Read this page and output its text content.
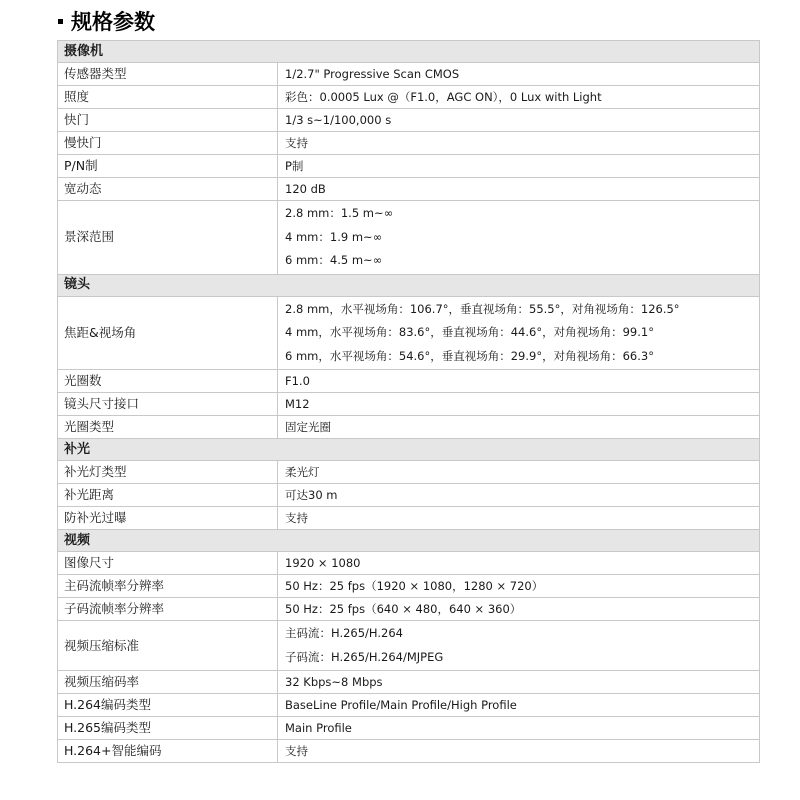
规格参数
摄像机	
传感器类型	1/2.7" Progressive Scan CMOS
照度	彩色：0.0005 Lux @（F1.0，AGC ON），0 Lux with Light
快门	1/3 s~1/100,000 s
慢快门	支持
P/N制	P制
宽动态	120 dB
景深范围	2.8 mm：1.5 m~∞
4 mm：1.9 m~∞
6 mm：4.5 m~∞

镜头	
焦距&视场角	2.8 mm，水平视场角：106.7°，垂直视场角：55.5°，对角视场角：126.5°
4 mm，水平视场角：83.6°，垂直视场角：44.6°，对角视场角：99.1°
6 mm，水平视场角：54.6°，垂直视场角：29.9°，对角视场角：66.3°

光圈数	F1.0
镜头尺寸接口	M12
光圈类型	固定光圈
补光	
补光灯类型	柔光灯
补光距离	可达30 m
防补光过曝	支持
视频	
图像尺寸	1920 × 1080
主码流帧率分辨率	50 Hz：25 fps（1920 × 1080，1280 × 720）
子码流帧率分辨率	50 Hz：25 fps（640 × 480，640 × 360）
视频压缩标准	主码流：H.265/H.264
子码流：H.265/H.264/MJPEG

视频压缩码率	32 Kbps~8 Mbps
H.264编码类型	BaseLine Profile/Main Profile/High Profile
H.265编码类型	Main Profile
H.264+智能编码	支持
